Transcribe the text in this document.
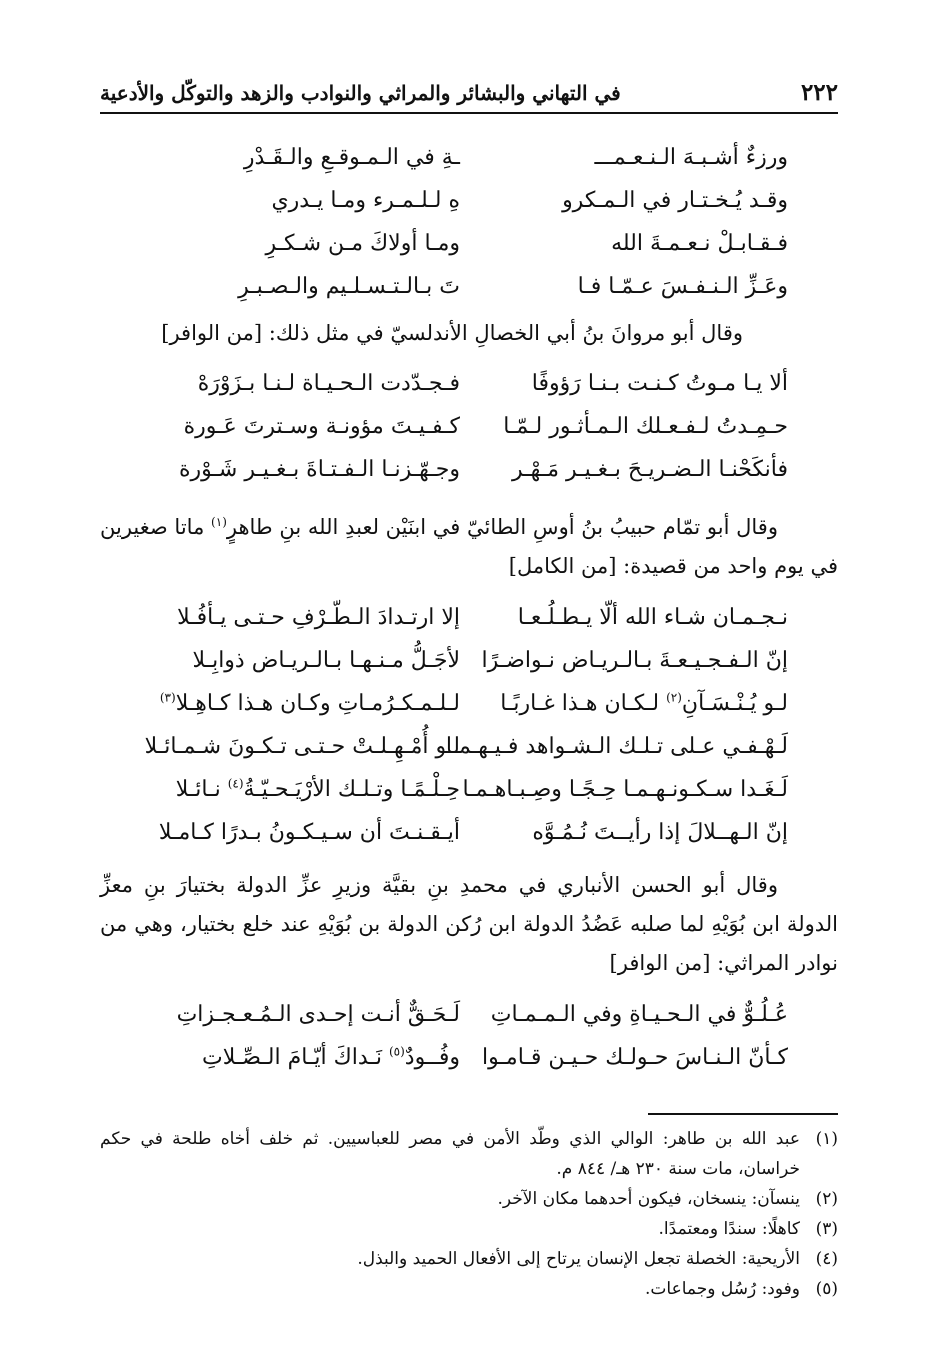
٢٢٢
في التهاني والبشائر والمراثي والنوادب والزهد والتوكّل والأدعية
ورزءٌ أشـبـهَ الـنـعـمـــ
ـةِ في الـمـوقـعِ والـقَـدْرِ
وقـد يُـخـتـار في الـمـكرو
هِ لـلـمـرء ومـا يـدري
فـقـابـلْ نـعـمـةَ الله
ومـا أولاكَ مـن شـكـرِ
وعَـزِّ الـنـفـسَ عـمّـا فـا
تَ بـالـتـسـلـيم والـصـبـرِ
وقال أبو مروانَ بنُ أبي الخصالِ الأندلسيّ في مثل ذلك: [من الوافر]
ألا يـا مـوتُ كـنـت بـنـا رَؤوفًا
فـجـدّدت الـحـيـاة لـنـا بـزَوْرَهْ
حـمِـدتُ لـفـعـلك الـمـأثـور لـمّـا
كـفـيـتَ مؤونـة وسـترتَ عَـورة
فأنكَحْنـا الـضـريـحَ بـغـيـر مَـهْـر
وجـهّـزنـا الـفـتـاةَ بـغـيـر شَـوْرة
وقال أبو تمّام حبيبُ بنُ أوسِ الطائيّ في ابنَيْن لعبدِ الله بنِ طاهرٍ$^{(١)}$ ماتا صغيرين في يوم واحد من قصيدة: [من الكامل]
نـجـمـان شـاء الله ألّا يـطـلُـعـا
إلا ارتـدادَ الـطّـرْفِ حـتـى يـأفُـلا
إنّ الـفـجـيـعـةَ بـالـريـاض نـواضـرًا
لأجَـلُّ مـنـهـا بـالـريـاض ذوابِـلا
لـو يُـنْـسَـآنِ$^{(٢)}$ لـكـان هـذا غـاربًـا
لـلـمـكـرُمـاتِ وكـان هـذا كـاهِـلا$^{(٣)}$
لَـهْـفـي عـلى تـلـك الـشـواهد فـيـهـمـا
لـو أُمْـهِـلـتْ حـتـى تـكـونَ شـمـائـلا
لَـغَـدا سـكـونـهـمـا حِـجًـا وصِـبـاهـمـا
حِـلْـمًـا وتـلـك الأرْيَـحـيّـةُ$^{(٤)}$ نـائـلا
إنّ الـهــلالَ إذا رأيــتَ نُـمُـوَّه
أيـقـنـتَ أن سـيـكـونُ بـدرًا كـامـلا
وقال أبو الحسن الأنباري في محمدِ بنِ بقيَّة وزيرِ عزِّ الدولة بختيارَ بنِ معزِّ الدولة ابن بُوَيْهِ لما صلبه عَضُدُ الدولة ابن رُكن الدولة بن بُوَيْهِ عند خلع بختيار، وهي من نوادر المراثي: [من الوافر]
عُـلُـوٌّ في الـحـيـاةِ وفي الـمـمـاتِ
لَـحَـقٌّ أنـت إحـدى الـمُـعـجـزاتِ
كـأنّ الـنـاسَ حـولـك حـيـن قـامـوا
وفُــودٌ$^{(٥)}$ نَـداكَ أيّـامَ الـصِّـلاتِ
(١)
عبد الله بن طاهر: الوالي الذي وطّد الأمن في مصر للعباسيين. ثم خلف أخاه طلحة في حكم خراسان، مات سنة ٢٣٠ هـ/ ٨٤٤ م.
(٢)
ينسآن: ينسخان، فيكون أحدهما مكان الآخر.
(٣)
كاهلًا: سندًا ومعتمدًا.
(٤)
الأريحية: الخصلة تجعل الإنسان يرتاح إلى الأفعال الحميد والبذل.
(٥)
وفود: رُسُل وجماعات.
